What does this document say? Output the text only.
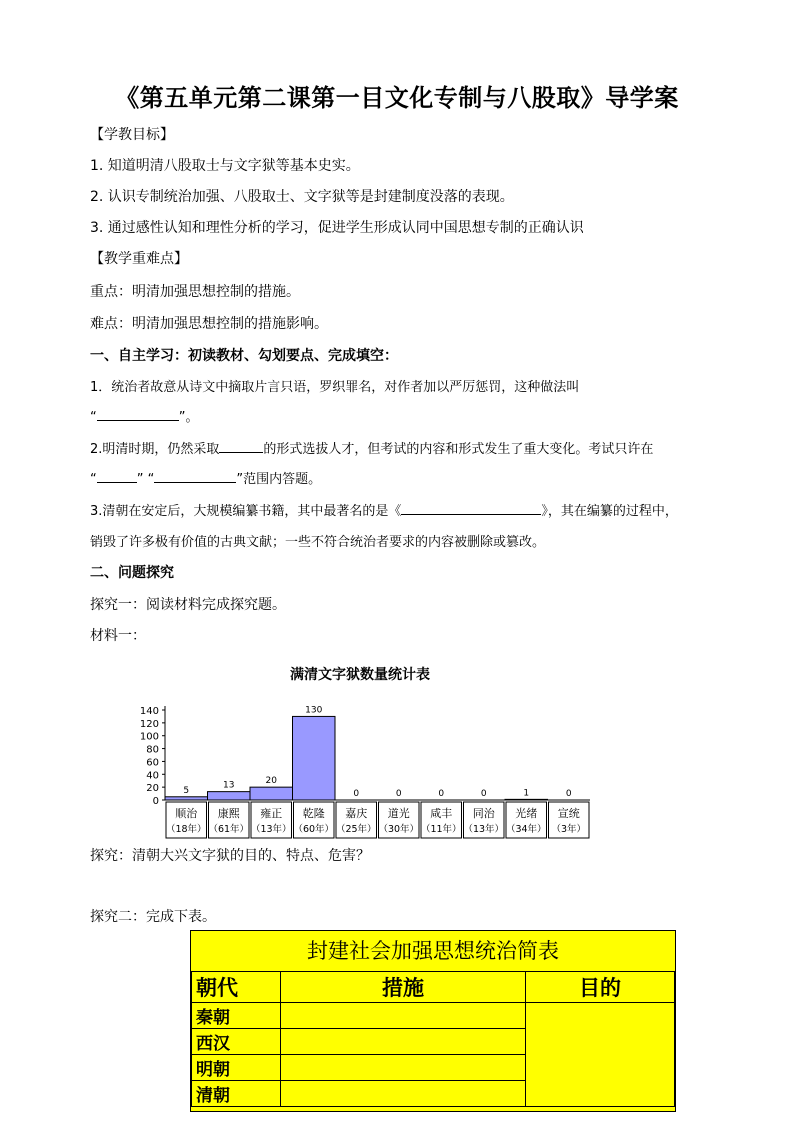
《第五单元第二课第一目文化专制与八股取》导学案
【学教目标】
1. 知道明清八股取士与文字狱等基本史实。
2. 认识专制统治加强、八股取士、文字狱等是封建制度没落的表现。
3. 通过感性认知和理性分析的学习，促进学生形成认同中国思想专制的正确认识
【教学重难点】
重点：明清加强思想控制的措施。
难点：明清加强思想控制的措施影响。
一、自主学习：初读教材、勾划要点、完成填空：
1．统治者故意从诗文中摘取片言只语，罗织罪名，对作者加以严厉惩罚，这种做法叫
“	”。
2.明清时期，仍然采取	的形式选拔人才，但考试的内容和形式发生了重大变化。考试只许在
“	” “	”范围内答题。
3.清朝在安定后，大规模编纂书籍，其中最著名的是《	》，其在编纂的过程中，
销毁了许多极有价值的古典文献；一些不符合统治者要求的内容被删除或篡改。
二、问题探究
探究一：阅读材料完成探究题。
材料一：
满清文字狱数量统计表
0
20
40
60
80
100
120
140
5
13	20
130
0	0	0	0	1	0
顺治
（18年）
康熙
（61年）
雍正
（13年）
乾隆
（60年）
嘉庆
（25年）
道光
（30年）
咸丰
（11年）
同治
（13年）
光绪
（34年）
宣统
（3年）
探究：清朝大兴文字狱的目的、特点、危害？
探究二：完成下表。
封建社会加强思想统治简表
朝代	措施	目的
秦朝		
西汉		
明朝		
清朝		
